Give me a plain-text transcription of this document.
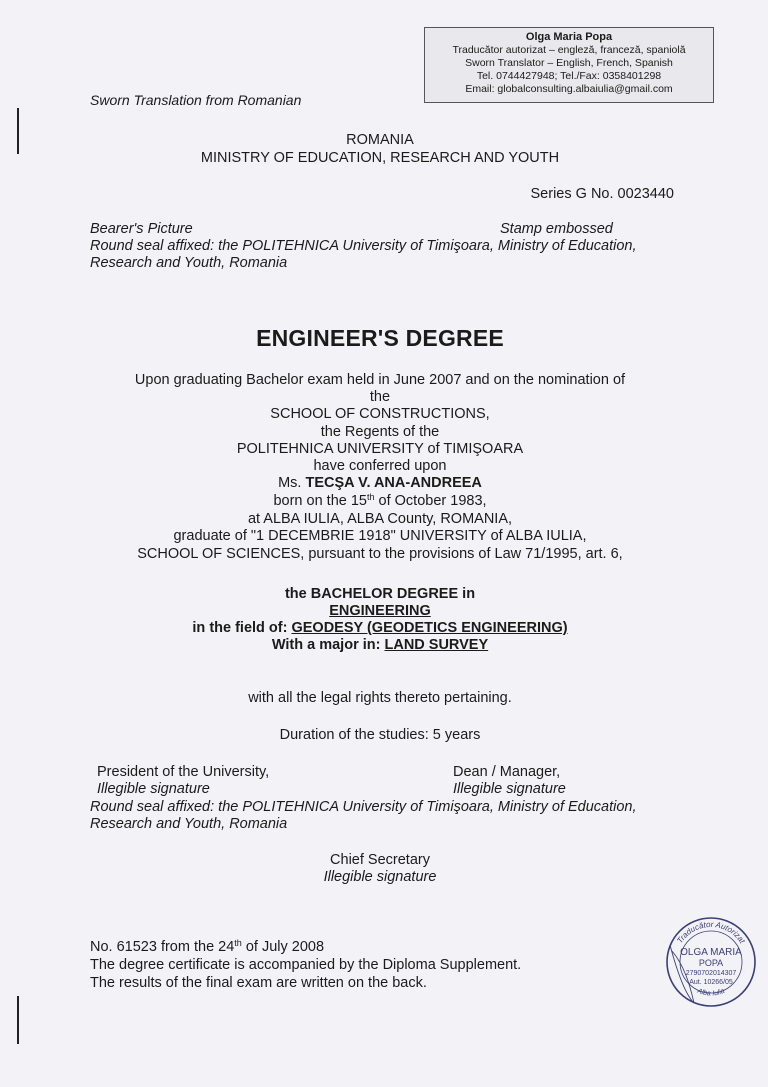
Olga Maria Popa
Traducător autorizat – engleză, franceză, spaniolă
Sworn Translator – English, French, Spanish
Tel. 0744427948; Tel./Fax: 0358401298
Email: globalconsulting.albaiulia@gmail.com
Sworn Translation from Romanian
ROMANIA
MINISTRY OF EDUCATION, RESEARCH AND YOUTH
Series G No. 0023440
Bearer's Picture	Stamp embossed
Round seal affixed: the POLITEHNICA University of Timişoara, Ministry of Education,
Research and Youth, Romania
ENGINEER'S DEGREE
Upon graduating Bachelor exam held in June 2007 and on the nomination of
the
SCHOOL OF CONSTRUCTIONS,
the Regents of the
POLITEHNICA UNIVERSITY of TIMIŞOARA
have conferred upon
Ms. TECŞA V. ANA-ANDREEA
born on the 15th of October 1983,
at ALBA IULIA, ALBA County, ROMANIA,
graduate of "1 DECEMBRIE 1918" UNIVERSITY of ALBA IULIA,
SCHOOL OF SCIENCES, pursuant to the provisions of Law 71/1995, art. 6,
the BACHELOR DEGREE in
ENGINEERING
in the field of: GEODESY (GEODETICS ENGINEERING)
With a major in: LAND SURVEY
with all the legal rights thereto pertaining.
Duration of the studies: 5 years
President of the University,
Illegible signature
Dean / Manager,
Illegible signature
Round seal affixed: the POLITEHNICA University of Timişoara, Ministry of Education,
Research and Youth, Romania
Chief Secretary
Illegible signature
No. 61523 from the 24th of July 2008
The degree certificate is accompanied by the Diploma Supplement.
The results of the final exam are written on the back.
Traducător Autorizat
OLGA MARIA
POPA
2790702014307
Aut. 10266/05
Alba Iulia
